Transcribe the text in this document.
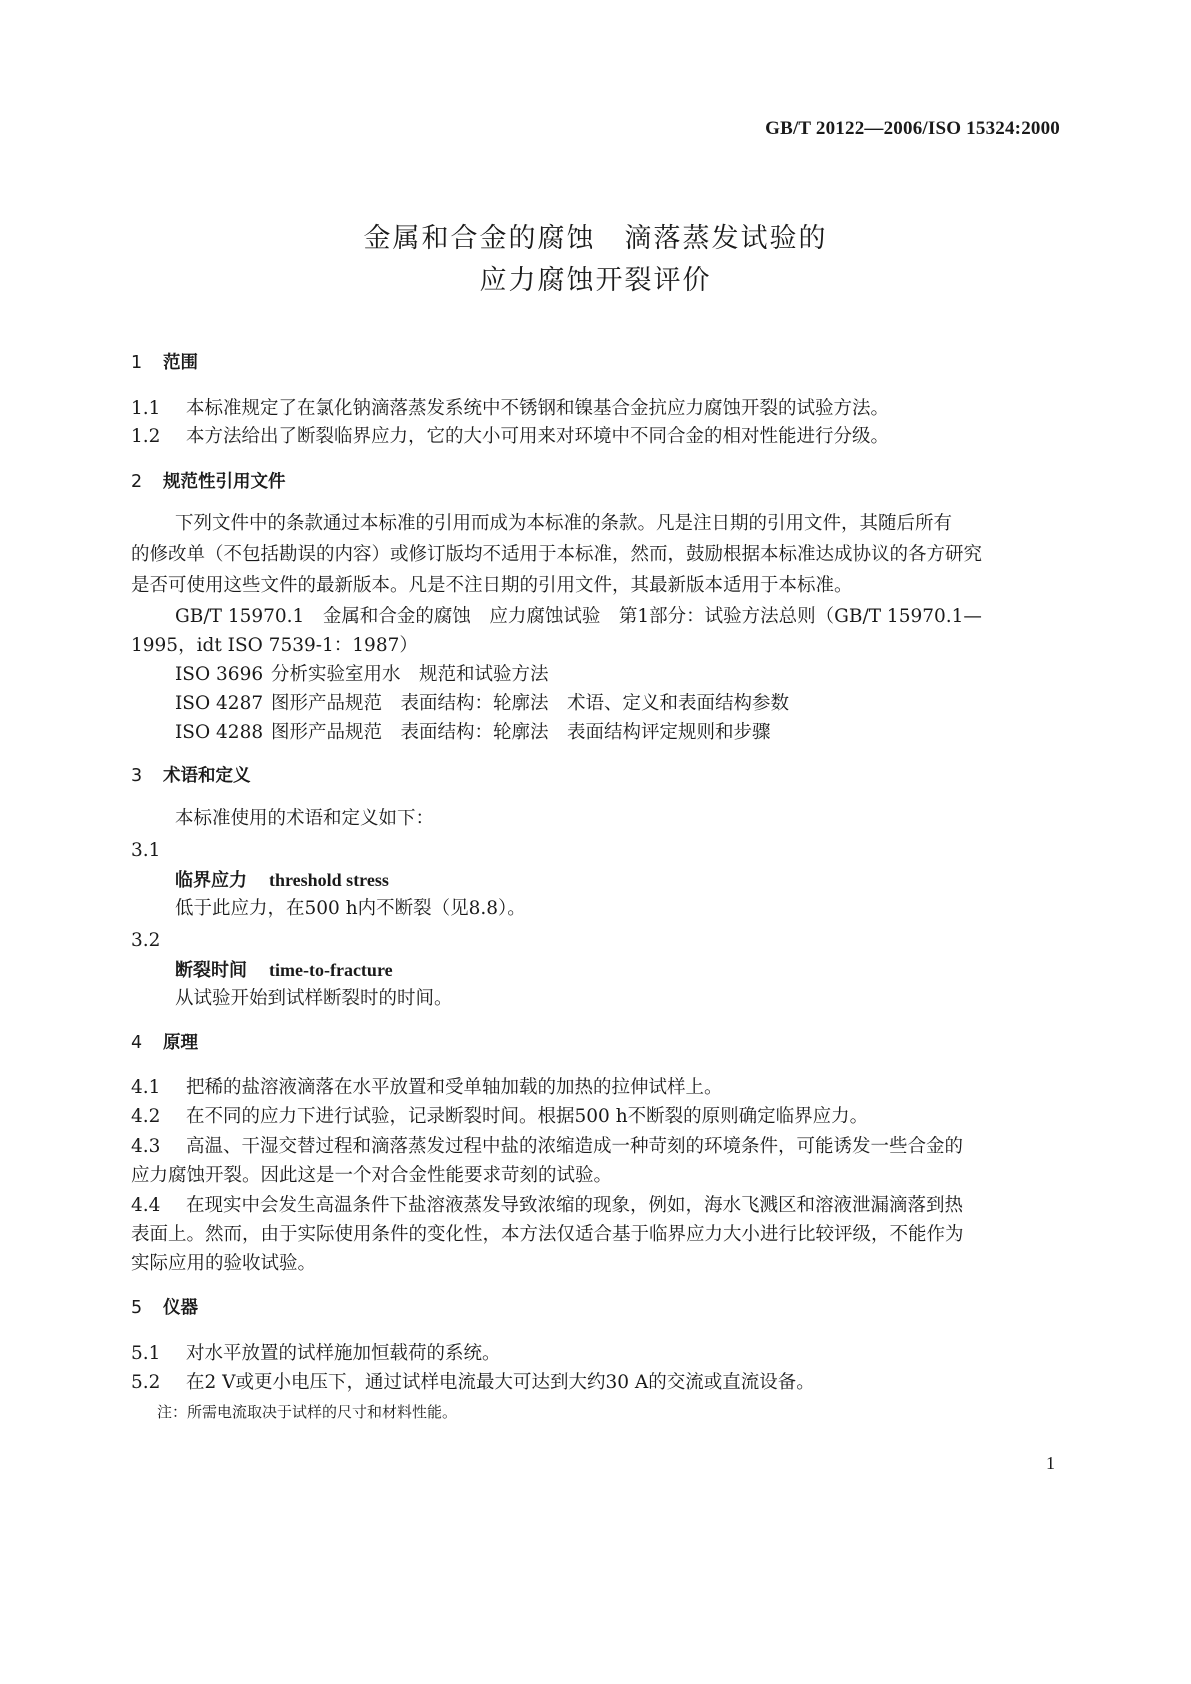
GB/T 20122—2006/ISO 15324:2000
金属和合金的腐蚀　滴落蒸发试验的
应力腐蚀开裂评价
1 范围
1.1 本标准规定了在氯化钠滴落蒸发系统中不锈钢和镍基合金抗应力腐蚀开裂的试验方法。
1.2 本方法给出了断裂临界应力，它的大小可用来对环境中不同合金的相对性能进行分级。
2 规范性引用文件
下列文件中的条款通过本标准的引用而成为本标准的条款。凡是注日期的引用文件，其随后所有
的修改单（不包括勘误的内容）或修订版均不适用于本标准，然而，鼓励根据本标准达成协议的各方研究
是否可使用这些文件的最新版本。凡是不注日期的引用文件，其最新版本适用于本标准。
GB/T 15970.1　金属和合金的腐蚀　应力腐蚀试验　第1部分：试验方法总则（GB/T 15970.1—
1995，idt ISO 7539-1：1987）
ISO 3696 分析实验室用水　规范和试验方法
ISO 4287 图形产品规范　表面结构：轮廓法　术语、定义和表面结构参数
ISO 4288 图形产品规范　表面结构：轮廓法　表面结构评定规则和步骤
3 术语和定义
本标准使用的术语和定义如下：
3.1
临界应力 threshold stress
低于此应力，在500 h内不断裂（见8.8）。
3.2
断裂时间 time-to-fracture
从试验开始到试样断裂时的时间。
4 原理
4.1 把稀的盐溶液滴落在水平放置和受单轴加载的加热的拉伸试样上。
4.2 在不同的应力下进行试验，记录断裂时间。根据500 h不断裂的原则确定临界应力。
4.3 高温、干湿交替过程和滴落蒸发过程中盐的浓缩造成一种苛刻的环境条件，可能诱发一些合金的
应力腐蚀开裂。因此这是一个对合金性能要求苛刻的试验。
4.4 在现实中会发生高温条件下盐溶液蒸发导致浓缩的现象，例如，海水飞溅区和溶液泄漏滴落到热
表面上。然而，由于实际使用条件的变化性，本方法仅适合基于临界应力大小进行比较评级，不能作为
实际应用的验收试验。
5 仪器
5.1 对水平放置的试样施加恒载荷的系统。
5.2 在2 V或更小电压下，通过试样电流最大可达到大约30 A的交流或直流设备。
注：所需电流取决于试样的尺寸和材料性能。
1
